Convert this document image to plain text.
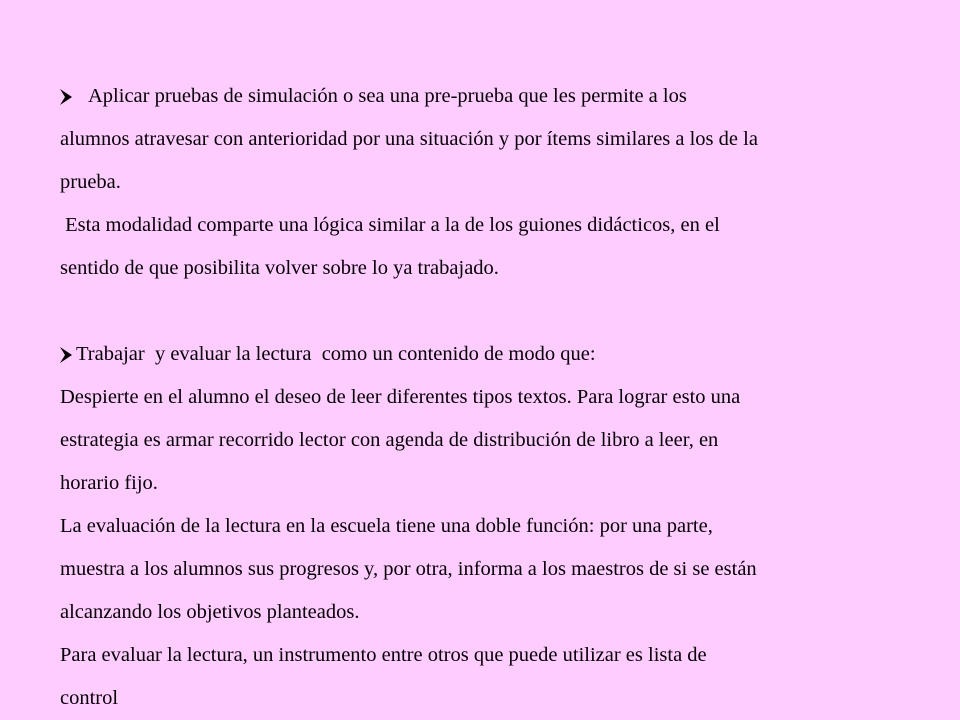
Aplicar pruebas de simulación o sea una pre-prueba que les permite a los
alumnos atravesar con anterioridad por una situación y por ítems similares a los de la
prueba.
Esta modalidad comparte una lógica similar a la de los guiones didácticos, en el
sentido de que posibilita volver sobre lo ya trabajado.
Trabajar  y evaluar la lectura  como un contenido de modo que:
Despierte en el alumno el deseo de leer diferentes tipos textos. Para lograr esto una
estrategia es armar recorrido lector con agenda de distribución de libro a leer, en
horario fijo.
La evaluación de la lectura en la escuela tiene una doble función: por una parte,
muestra a los alumnos sus progresos y, por otra, informa a los maestros de si se están
alcanzando los objetivos planteados.
Para evaluar la lectura, un instrumento entre otros que puede utilizar es lista de
control
